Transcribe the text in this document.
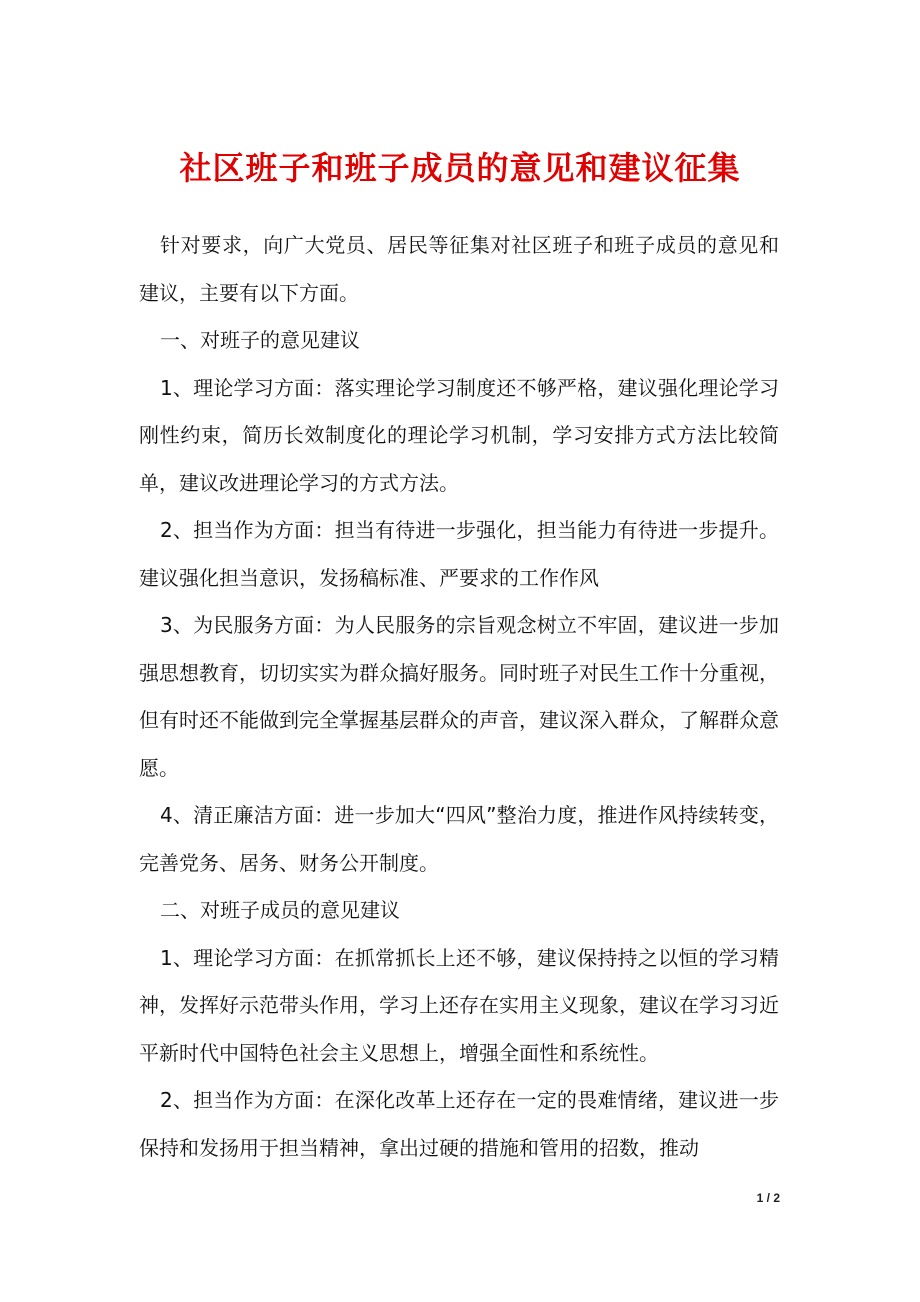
社区班子和班子成员的意见和建议征集

针对要求，向广大党员、居民等征集对社区班子和班子成员的意见和建议，主要有以下方面。

一、对班子的意见建议

1、理论学习方面：落实理论学习制度还不够严格，建议强化理论学习刚性约束，简历长效制度化的理论学习机制，学习安排方式方法比较简单，建议改进理论学习的方式方法。

2、担当作为方面：担当有待进一步强化，担当能力有待进一步提升。建议强化担当意识，发扬稿标准、严要求的工作作风

3、为民服务方面：为人民服务的宗旨观念树立不牢固，建议进一步加强思想教育，切切实实为群众搞好服务。同时班子对民生工作十分重视，但有时还不能做到完全掌握基层群众的声音，建议深入群众，了解群众意愿。

4、清正廉洁方面：进一步加大“四风”整治力度，推进作风持续转变，完善党务、居务、财务公开制度。

二、对班子成员的意见建议

1、理论学习方面：在抓常抓长上还不够，建议保持持之以恒的学习精神，发挥好示范带头作用，学习上还存在实用主义现象，建议在学习习近平新时代中国特色社会主义思想上，增强全面性和系统性。

2、担当作为方面：在深化改革上还存在一定的畏难情绪，建议进一步保持和发扬用于担当精神，拿出过硬的措施和管用的招数，推动

1 / 2
